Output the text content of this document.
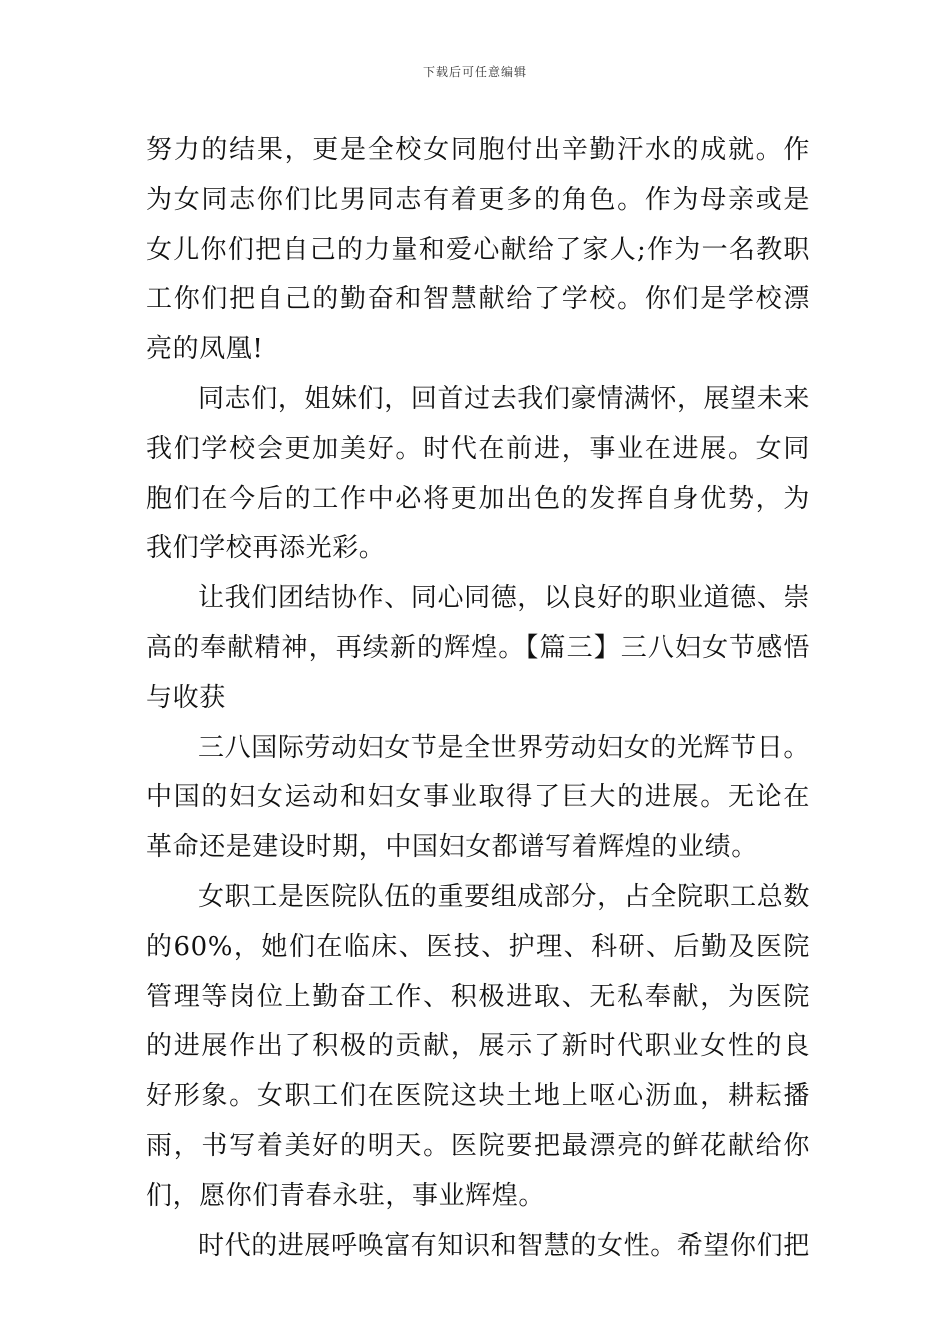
下载后可任意编辑

努力的结果，更是全校女同胞付出辛勤汗水的成就。作为女同志你们比男同志有着更多的角色。作为母亲或是女儿你们把自己的力量和爱心献给了家人;作为一名教职工你们把自己的勤奋和智慧献给了学校。你们是学校漂亮的凤凰!

同志们，姐妹们，回首过去我们豪情满怀，展望未来我们学校会更加美好。时代在前进，事业在进展。女同胞们在今后的工作中必将更加出色的发挥自身优势，为我们学校再添光彩。

让我们团结协作、同心同德，以良好的职业道德、崇高的奉献精神，再续新的辉煌。【篇三】三八妇女节感悟与收获

三八国际劳动妇女节是全世界劳动妇女的光辉节日。中国的妇女运动和妇女事业取得了巨大的进展。无论在革命还是建设时期，中国妇女都谱写着辉煌的业绩。

女职工是医院队伍的重要组成部分，占全院职工总数的60%，她们在临床、医技、护理、科研、后勤及医院管理等岗位上勤奋工作、积极进取、无私奉献，为医院的进展作出了积极的贡献，展示了新时代职业女性的良好形象。女职工们在医院这块土地上呕心沥血，耕耘播雨，书写着美好的明天。医院要把最漂亮的鲜花献给你们，愿你们青春永驻，事业辉煌。

时代的进展呼唤富有知识和智慧的女性。希望你们把
